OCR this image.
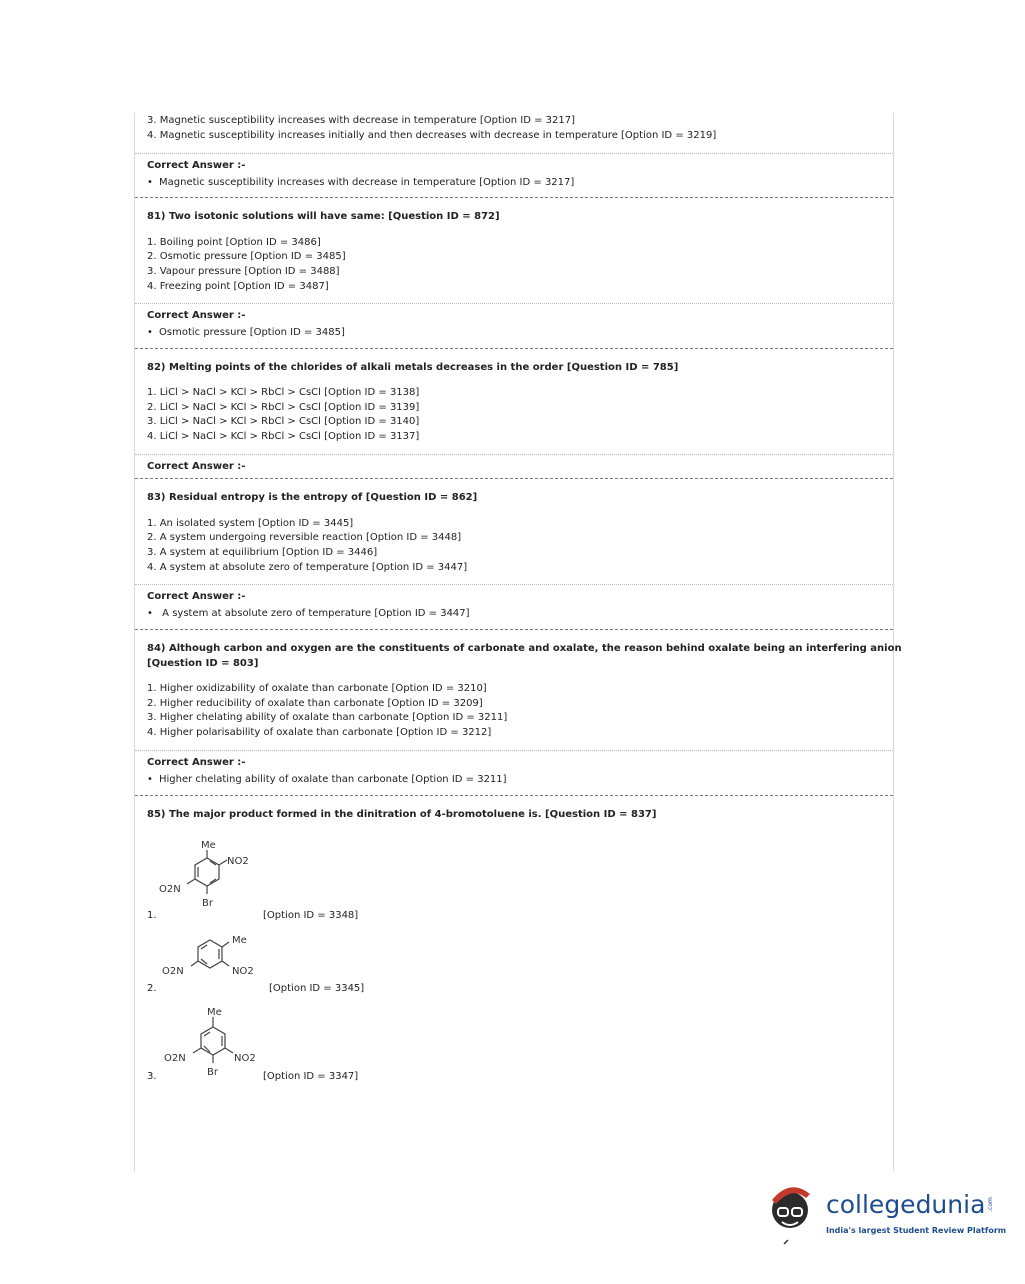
3. Magnetic susceptibility increases with decrease in temperature [Option ID = 3217]
4. Magnetic susceptibility increases initially and then decreases with decrease in temperature [Option ID = 3219]
Correct Answer :-
• Magnetic susceptibility increases with decrease in temperature [Option ID = 3217]
81) Two isotonic solutions will have same: [Question ID = 872]
1. Boiling point [Option ID = 3486]
2. Osmotic pressure [Option ID = 3485]
3. Vapour pressure [Option ID = 3488]
4. Freezing point [Option ID = 3487]
Correct Answer :-
• Osmotic pressure [Option ID = 3485]
82) Melting points of the chlorides of alkali metals decreases in the order [Question ID = 785]
1. LiCl > NaCl > KCl > RbCl > CsCl [Option ID = 3138]
2. LiCl > NaCl > KCl > RbCl > CsCl [Option ID = 3139]
3. LiCl > NaCl > KCl > RbCl > CsCl [Option ID = 3140]
4. LiCl > NaCl > KCl > RbCl > CsCl [Option ID = 3137]
Correct Answer :-
83) Residual entropy is the entropy of [Question ID = 862]
1. An isolated system [Option ID = 3445]
2. A system undergoing reversible reaction [Option ID = 3448]
3. A system at equilibrium [Option ID = 3446]
4. A system at absolute zero of temperature [Option ID = 3447]
Correct Answer :-
• A system at absolute zero of temperature [Option ID = 3447]
84) Although carbon and oxygen are the constituents of carbonate and oxalate, the reason behind oxalate being an interfering anion
[Question ID = 803]
1. Higher oxidizability of oxalate than carbonate [Option ID = 3210]
2. Higher reducibility of oxalate than carbonate [Option ID = 3209]
3. Higher chelating ability of oxalate than carbonate [Option ID = 3211]
4. Higher polarisability of oxalate than carbonate [Option ID = 3212]
Correct Answer :-
• Higher chelating ability of oxalate than carbonate [Option ID = 3211]
85) The major product formed in the dinitration of 4-bromotoluene is. [Question ID = 837]
1.
Me
NO2
O2N
Br
[Option ID = 3348]
2.
Me
NO2
O2N
[Option ID = 3345]
3.
Me
NO2
O2N
Br	[Option ID = 3347]
collegedunia .com
India's largest Student Review Platform
